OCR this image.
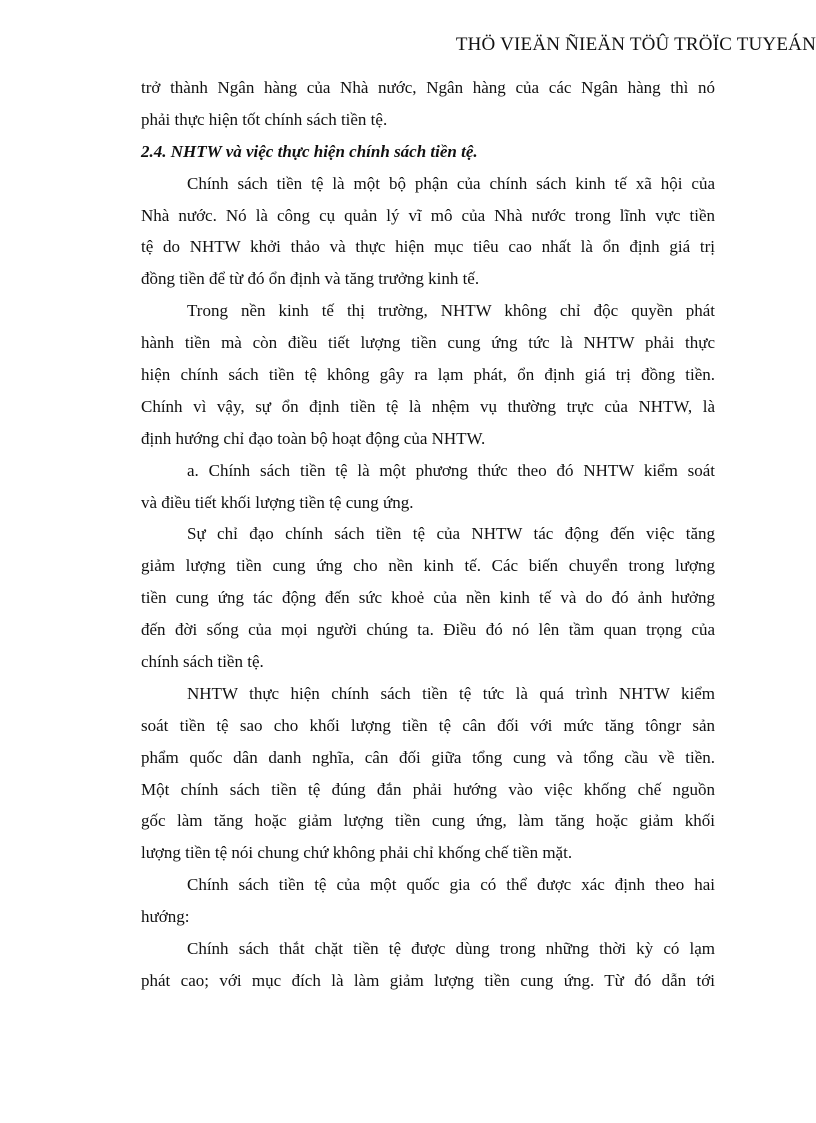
THÖ VIEÄN ÑIEÄN TÖÛ TRÖÏC TUYEÁN
trở thành Ngân hàng của Nhà nước, Ngân hàng của các Ngân hàng thì nó
phải thực hiện tốt chính sách tiền tệ.
2.4. NHTW và việc thực hiện chính sách tiền tệ.
Chính sách tiền tệ là một bộ phận của chính sách kinh tế xã hội của
Nhà nước. Nó là công cụ quản lý vĩ mô của Nhà nước trong lĩnh vực tiền
tệ do NHTW khởi thảo và thực hiện mục tiêu cao nhất là ổn định giá trị
đồng tiền để từ đó ổn định và tăng trưởng kinh tế.
Trong nền kinh tế thị trường, NHTW không chỉ độc quyền phát
hành tiền mà còn điều tiết lượng tiền cung ứng tức là NHTW phải thực
hiện chính sách tiền tệ không gây ra lạm phát, ổn định giá trị đồng tiền.
Chính vì vậy, sự ổn định tiền tệ là nhệm vụ thường trực của NHTW, là
định hướng chỉ đạo toàn bộ hoạt động của NHTW.
a. Chính sách tiền tệ là một phương thức theo đó NHTW kiểm soát
và điều tiết khối lượng tiền tệ cung ứng.
Sự chỉ đạo chính sách tiền tệ của NHTW tác động đến việc tăng
giảm lượng tiền cung ứng cho nền kinh tế. Các biến chuyển trong lượng
tiền cung ứng tác động đến sức khoẻ của nền kinh tế và do đó ảnh hưởng
đến đời sống của mọi người chúng ta. Điều đó nó lên tầm quan trọng của
chính sách tiền tệ.
NHTW thực hiện chính sách tiền tệ tức là quá trình NHTW kiểm
soát tiền tệ sao cho khối lượng tiền tệ cân đối với mức tăng tôngr sản
phẩm quốc dân danh nghĩa, cân đối giữa tổng cung và tổng cầu về tiền.
Một chính sách tiền tệ đúng đắn phải hướng vào việc khống chế nguồn
gốc làm tăng hoặc giảm lượng tiền cung ứng, làm tăng hoặc giảm khối
lượng tiền tệ nói chung chứ không phải chỉ khống chế tiền mặt.
Chính sách tiền tệ của một quốc gia có thể được xác định theo hai
hướng:
Chính sách thắt chặt tiền tệ được dùng trong những thời kỳ có lạm
phát cao; với mục đích là làm giảm lượng tiền cung ứng. Từ đó dẫn tới
